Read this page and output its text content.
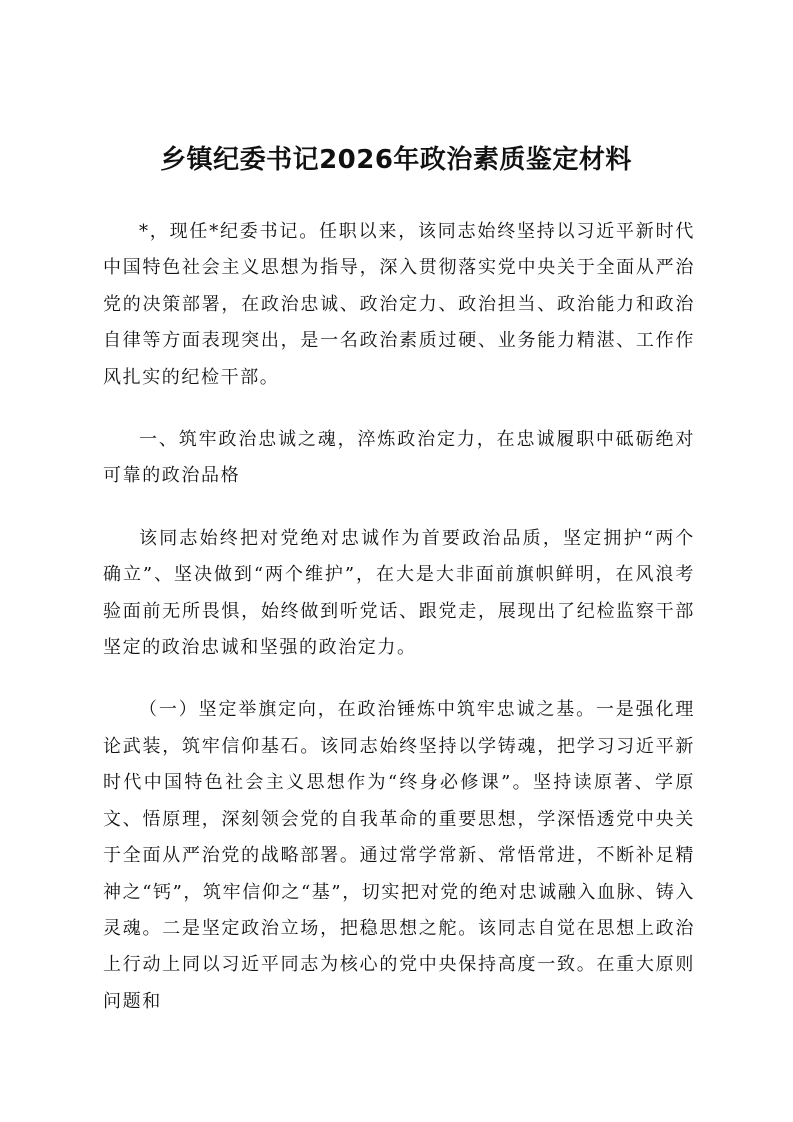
乡镇纪委书记2026年政治素质鉴定材料

*，现任*纪委书记。任职以来，该同志始终坚持以习近平新时代中国特色社会主义思想为指导，深入贯彻落实党中央关于全面从严治党的决策部署，在政治忠诚、政治定力、政治担当、政治能力和政治自律等方面表现突出，是一名政治素质过硬、业务能力精湛、工作作风扎实的纪检干部。

一、筑牢政治忠诚之魂，淬炼政治定力，在忠诚履职中砥砺绝对可靠的政治品格

该同志始终把对党绝对忠诚作为首要政治品质，坚定拥护“两个确立”、坚决做到“两个维护”，在大是大非面前旗帜鲜明，在风浪考验面前无所畏惧，始终做到听党话、跟党走，展现出了纪检监察干部坚定的政治忠诚和坚强的政治定力。

（一）坚定举旗定向，在政治锤炼中筑牢忠诚之基。一是强化理论武装，筑牢信仰基石。该同志始终坚持以学铸魂，把学习习近平新时代中国特色社会主义思想作为“终身必修课”。坚持读原著、学原文、悟原理，深刻领会党的自我革命的重要思想，学深悟透党中央关于全面从严治党的战略部署。通过常学常新、常悟常进，不断补足精神之“钙”，筑牢信仰之“基”，切实把对党的绝对忠诚融入血脉、铸入灵魂。二是坚定政治立场，把稳思想之舵。该同志自觉在思想上政治上行动上同以习近平同志为核心的党中央保持高度一致。在重大原则问题和
